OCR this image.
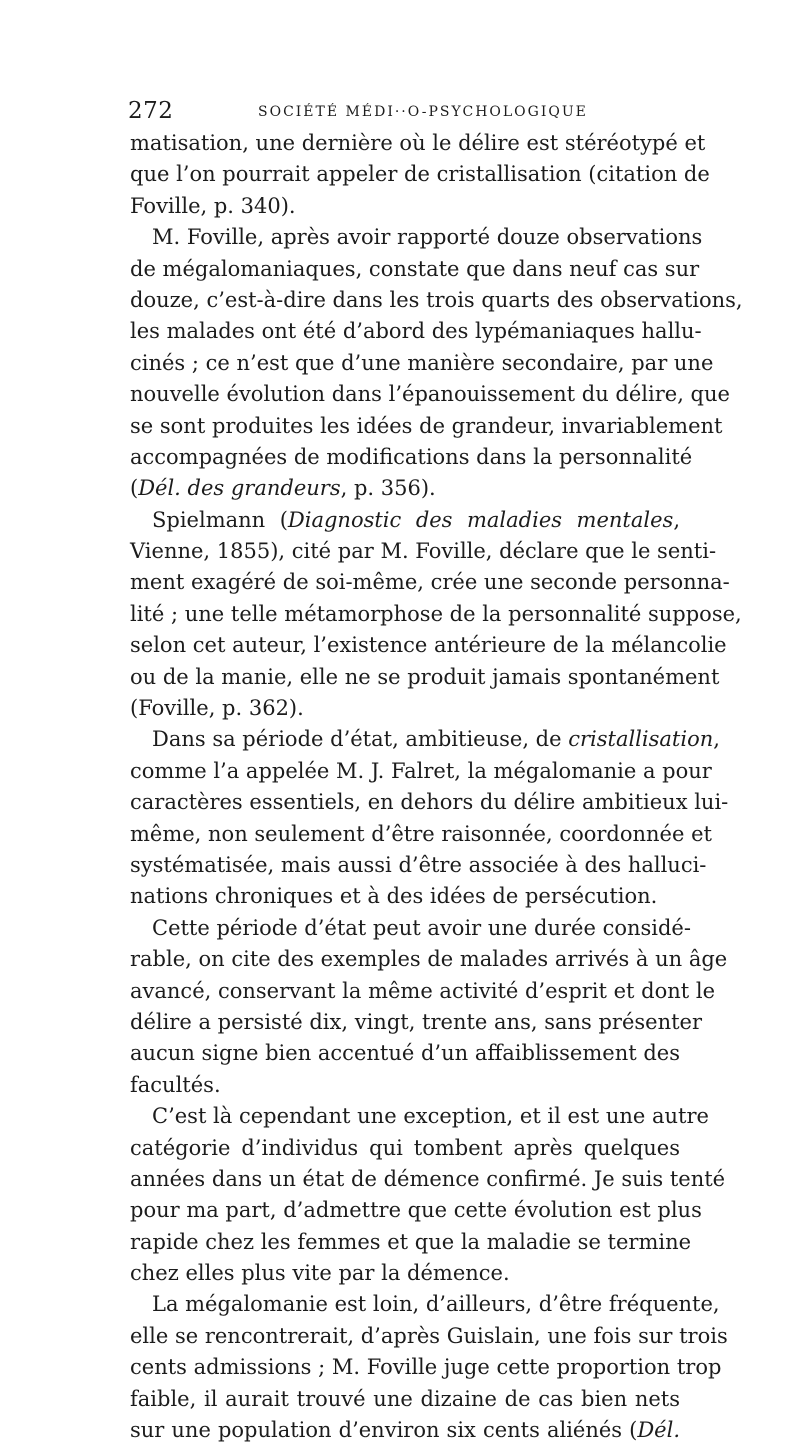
272	SOCIÉTÉ MÉDI··O-PSYCHOLOGIQUE
matisation, une dernière où le délire est stéréotypé et
que l’on pourrait appeler de cristallisation (citation de
Foville, p. 340).
M. Foville, après avoir rapporté douze observations
de mégalomaniaques, constate que dans neuf cas sur
douze, c’est-à-dire dans les trois quarts des observations,
les malades ont été d’abord des lypémaniaques hallu-
cinés ; ce n’est que d’une manière secondaire, par une
nouvelle évolution dans l’épanouissement du délire, que
se sont produites les idées de grandeur, invariablement
accompagnées de modifications dans la personnalité
(Dél. des grandeurs, p. 356).
Spielmann (Diagnostic des maladies mentales,
Vienne, 1855), cité par M. Foville, déclare que le senti-
ment exagéré de soi-même, crée une seconde personna-
lité ; une telle métamorphose de la personnalité suppose,
selon cet auteur, l’existence antérieure de la mélancolie
ou de la manie, elle ne se produit jamais spontanément
(Foville, p. 362).
Dans sa période d’état, ambitieuse, de cristallisation,
comme l’a appelée M. J. Falret, la mégalomanie a pour
caractères essentiels, en dehors du délire ambitieux lui-
même, non seulement d’être raisonnée, coordonnée et
systématisée, mais aussi d’être associée à des halluci-
nations chroniques et à des idées de persécution.
Cette période d’état peut avoir une durée considé-
rable, on cite des exemples de malades arrivés à un âge
avancé, conservant la même activité d’esprit et dont le
délire a persisté dix, vingt, trente ans, sans présenter
aucun signe bien accentué d’un affaiblissement des
facultés.
C’est là cependant une exception, et il est une autre
catégorie d’individus qui tombent après quelques
années dans un état de démence confirmé. Je suis tenté
pour ma part, d’admettre que cette évolution est plus
rapide chez les femmes et que la maladie se termine
chez elles plus vite par la démence.
La mégalomanie est loin, d’ailleurs, d’être fréquente,
elle se rencontrerait, d’après Guislain, une fois sur trois
cents admissions ; M. Foville juge cette proportion trop
faible, il aurait trouvé une dizaine de cas bien nets
sur une population d’environ six cents aliénés (Dél.
